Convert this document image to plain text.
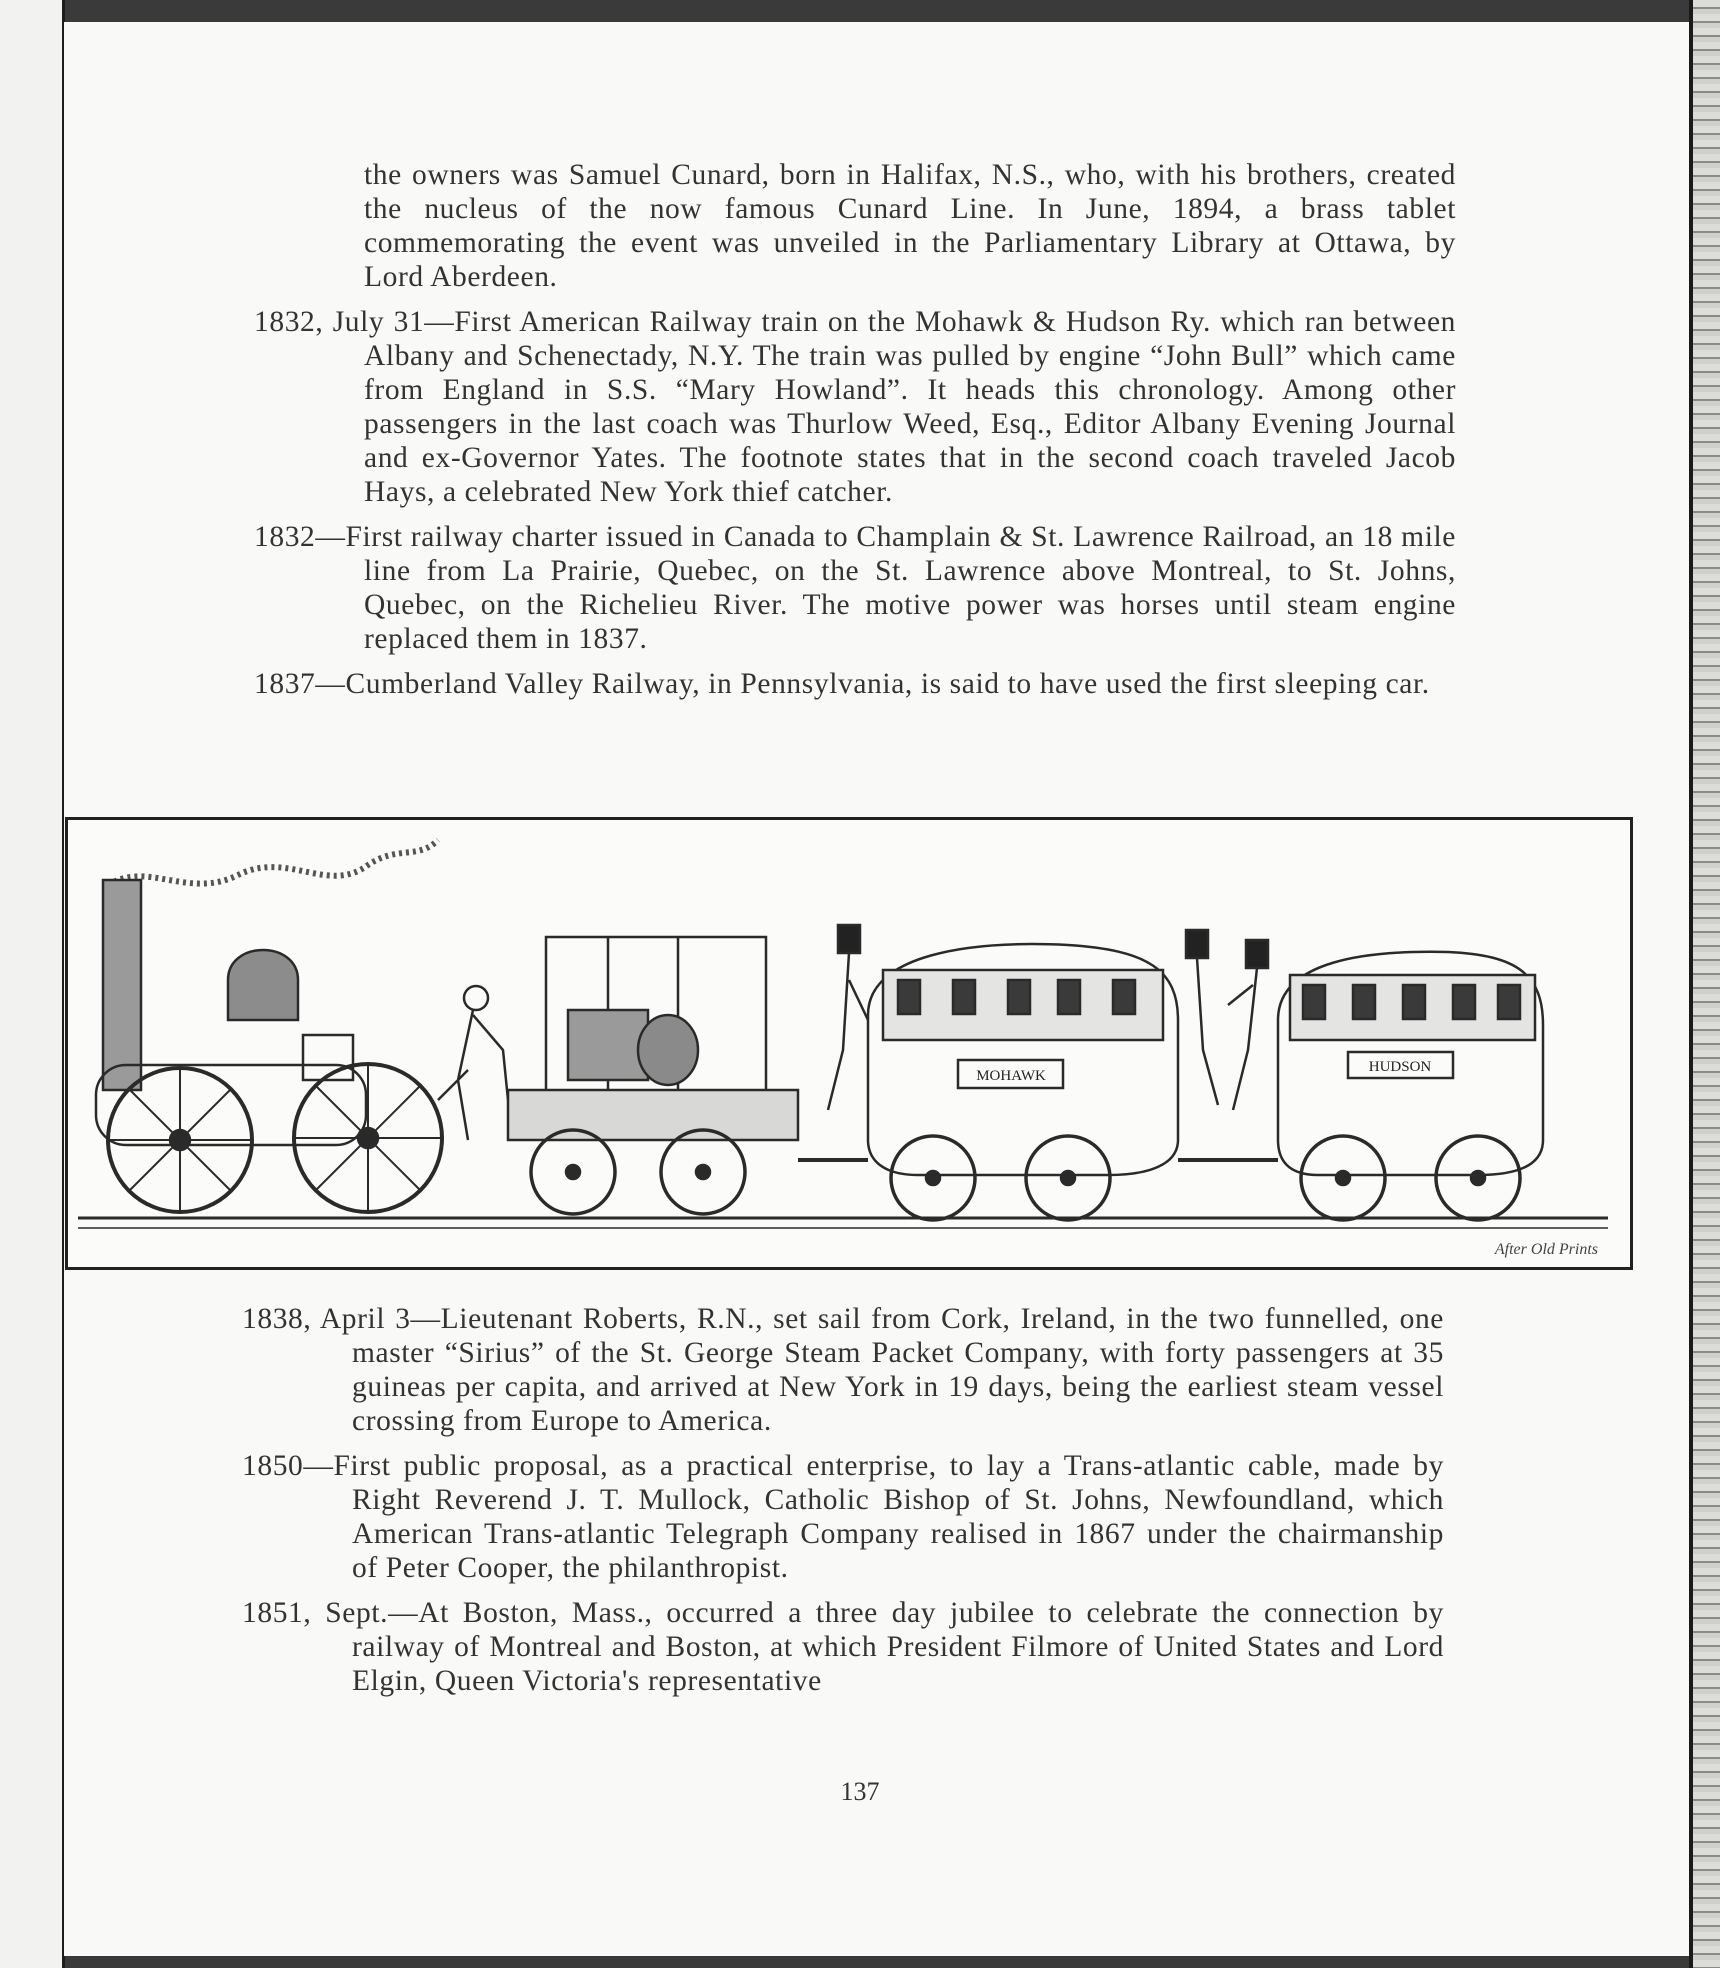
the owners was Samuel Cunard, born in Halifax, N.S., who, with his brothers, created the nucleus of the now famous Cunard Line. In June, 1894, a brass tablet commemorating the event was unveiled in the Parliamentary Library at Ottawa, by Lord Aberdeen.

1832, July 31—First American Railway train on the Mohawk & Hudson Ry. which ran between Albany and Schenectady, N.Y. The train was pulled by engine “John Bull” which came from England in S.S. “Mary Howland”. It heads this chronology. Among other passengers in the last coach was Thurlow Weed, Esq., Editor Albany Evening Journal and ex-Governor Yates. The footnote states that in the second coach traveled Jacob Hays, a celebrated New York thief catcher.

1832—First railway charter issued in Canada to Champlain & St. Lawrence Railroad, an 18 mile line from La Prairie, Quebec, on the St. Lawrence above Montreal, to St. Johns, Quebec, on the Richelieu River. The motive power was horses until steam engine replaced them in 1837.

1837—Cumberland Valley Railway, in Pennsylvania, is said to have used the first sleeping car.

MOHAWK
HUDSON
After Old Prints

1838, April 3—Lieutenant Roberts, R.N., set sail from Cork, Ireland, in the two funnelled, one master “Sirius” of the St. George Steam Packet Company, with forty passengers at 35 guineas per capita, and arrived at New York in 19 days, being the earliest steam vessel crossing from Europe to America.

1850—First public proposal, as a practical enterprise, to lay a Trans-atlantic cable, made by Right Reverend J. T. Mullock, Catholic Bishop of St. Johns, Newfoundland, which American Trans-atlantic Telegraph Company realised in 1867 under the chairmanship of Peter Cooper, the philanthropist.

1851, Sept.—At Boston, Mass., occurred a three day jubilee to celebrate the connection by railway of Montreal and Boston, at which President Filmore of United States and Lord Elgin, Queen Victoria's representative

137
